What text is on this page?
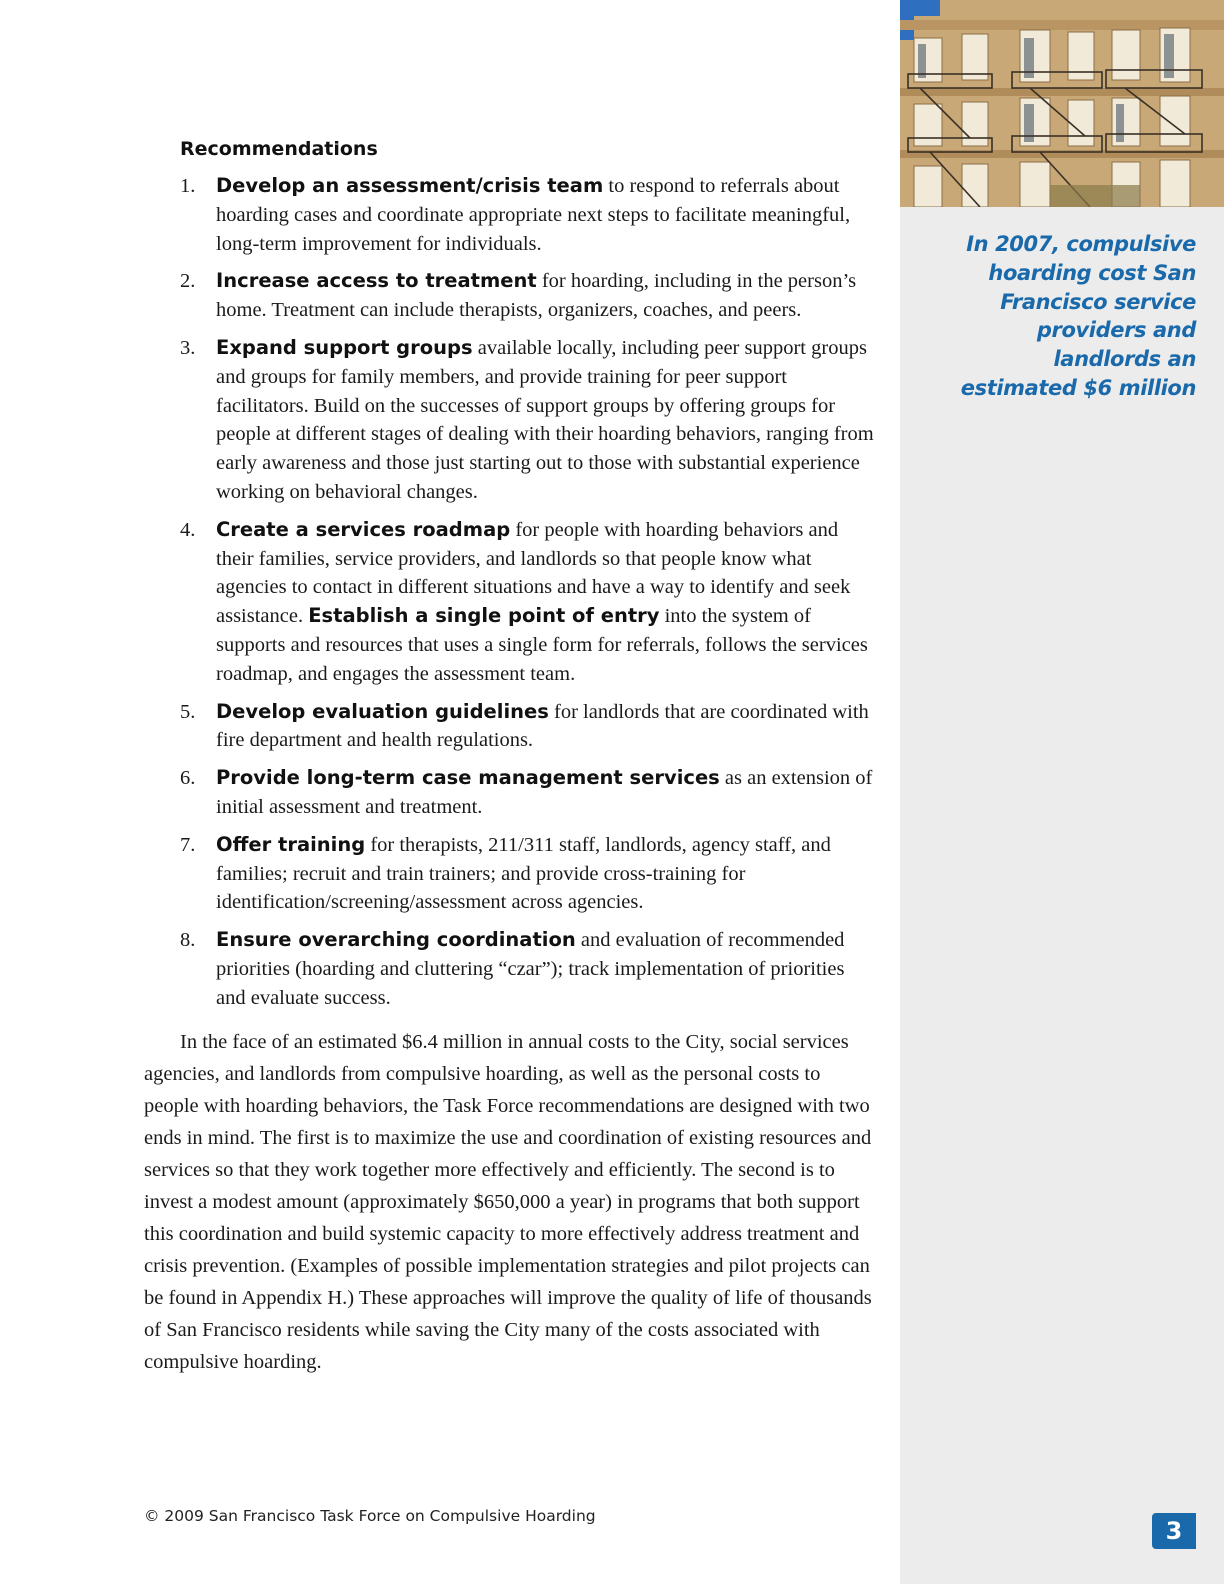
In 2007, compulsive hoarding cost San Francisco service providers and landlords an estimated $6 million
3
Recommendations
1.	Develop an assessment/crisis team to respond to referrals about hoarding cases and coordinate appropriate next steps to facilitate meaningful, long-term improvement for individuals.
2.	Increase access to treatment for hoarding, including in the person’s home. Treatment can include therapists, organizers, coaches, and peers.
3.	Expand support groups available locally, including peer support groups and groups for family members, and provide training for peer support facilitators. Build on the successes of support groups by offering groups for people at different stages of dealing with their hoarding behaviors, ranging from early awareness and those just starting out to those with substantial experience working on behavioral changes.
4.	Create a services roadmap for people with hoarding behaviors and their families, service providers, and landlords so that people know what agencies to contact in different situations and have a way to identify and seek assistance. Establish a single point of entry into the system of supports and resources that uses a single form for referrals, follows the services roadmap, and engages the assessment team.
5.	Develop evaluation guidelines for landlords that are coordinated with fire department and health regulations.
6.	Provide long-term case management services as an extension of initial assessment and treatment.
7.	Offer training for therapists, 211/311 staff, landlords, agency staff, and families; recruit and train trainers; and provide cross-training for identification/screening/assessment across agencies.
8.	Ensure overarching coordination and evaluation of recommended priorities (hoarding and cluttering “czar”); track implementation of priorities and evaluate success.

In the face of an estimated $6.4 million in annual costs to the City, social services agencies, and landlords from compulsive hoarding, as well as the personal costs to people with hoarding behaviors, the Task Force recommendations are designed with two ends in mind. The first is to maximize the use and coordination of existing resources and services so that they work together more effectively and efficiently. The second is to invest a modest amount (approximately $650,000 a year) in programs that both support this coordination and build systemic capacity to more effectively address treatment and crisis prevention. (Examples of possible implementation strategies and pilot projects can be found in Appendix H.) These approaches will improve the quality of life of thousands of San Francisco residents while saving the City many of the costs associated with compulsive hoarding.

© 2009 San Francisco Task Force on Compulsive Hoarding
